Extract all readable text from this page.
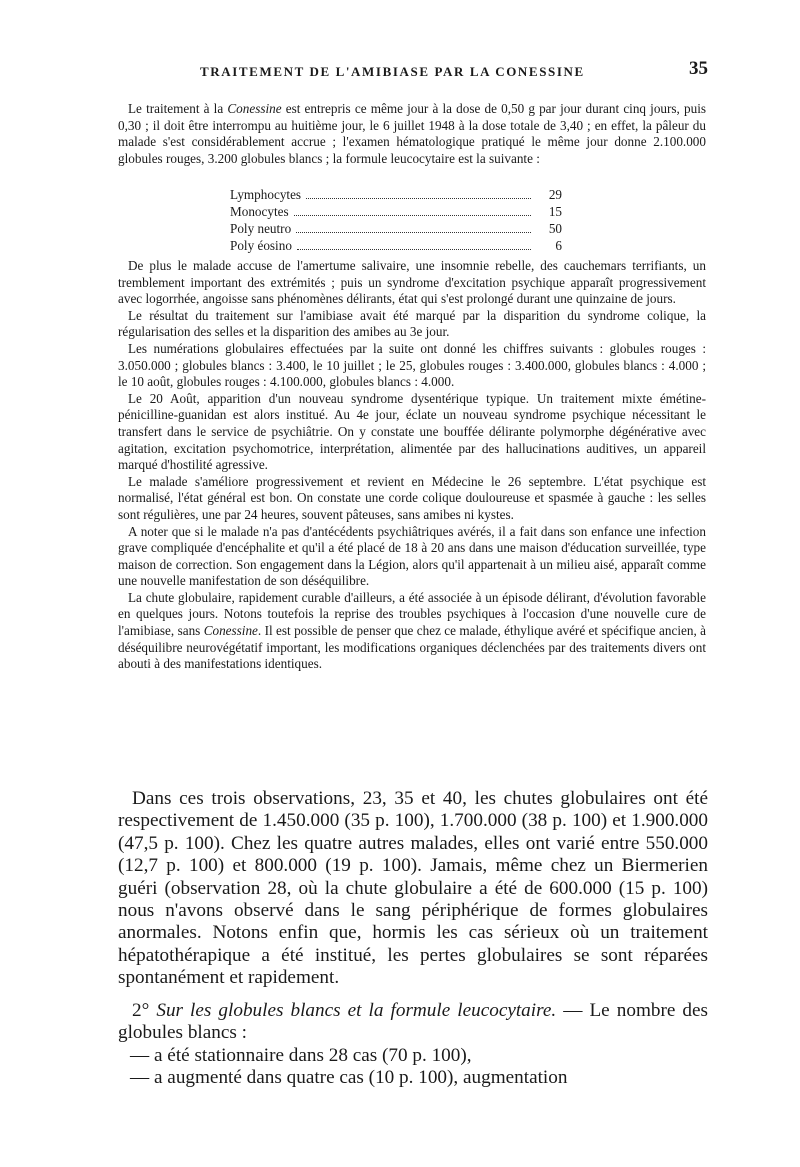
TRAITEMENT DE L'AMIBIASE PAR LA CONESSINE	35

Le traitement à la Conessine est entrepris ce même jour à la dose de 0,50 g par jour durant cinq jours, puis 0,30 ; il doit être interrompu au huitième jour, le 6 juillet 1948 à la dose totale de 3,40 ; en effet, la pâleur du malade s'est considérablement accrue ; l'examen hématologique pratiqué le même jour donne 2.100.000 globules rouges, 3.200 globules blancs ; la formule leucocytaire est la suivante :

Lymphocytes	29
Monocytes	15
Poly neutro	50
Poly éosino	6

De plus le malade accuse de l'amertume salivaire, une insomnie rebelle, des cauchemars terrifiants, un tremblement important des extrémités ; puis un syndrome d'excitation psychique apparaît progressivement avec logorrhée, angoisse sans phénomènes délirants, état qui s'est prolongé durant une quinzaine de jours.

Le résultat du traitement sur l'amibiase avait été marqué par la disparition du syndrome colique, la régularisation des selles et la disparition des amibes au 3e jour.

Les numérations globulaires effectuées par la suite ont donné les chiffres suivants : globules rouges : 3.050.000 ; globules blancs : 3.400, le 10 juillet ; le 25, globules rouges : 3.400.000, globules blancs : 4.000 ; le 10 août, globules rouges : 4.100.000, globules blancs : 4.000.

Le 20 Août, apparition d'un nouveau syndrome dysentérique typique. Un traitement mixte émétine-pénicilline-guanidan est alors institué. Au 4e jour, éclate un nouveau syndrome psychique nécessitant le transfert dans le service de psychiâtrie. On y constate une bouffée délirante polymorphe dégénérative avec agitation, excitation psychomotrice, interprétation, alimentée par des hallucinations auditives, un appareil marqué d'hostilité agressive.

Le malade s'améliore progressivement et revient en Médecine le 26 septembre. L'état psychique est normalisé, l'état général est bon. On constate une corde colique douloureuse et spasmée à gauche : les selles sont régulières, une par 24 heures, souvent pâteuses, sans amibes ni kystes.

A noter que si le malade n'a pas d'antécédents psychiâtriques avérés, il a fait dans son enfance une infection grave compliquée d'encéphalite et qu'il a été placé de 18 à 20 ans dans une maison d'éducation surveillée, type maison de correction. Son engagement dans la Légion, alors qu'il appartenait à un milieu aisé, apparaît comme une nouvelle manifestation de son déséquilibre.

La chute globulaire, rapidement curable d'ailleurs, a été associée à un épisode délirant, d'évolution favorable en quelques jours. Notons toutefois la reprise des troubles psychiques à l'occasion d'une nouvelle cure de l'amibiase, sans Conessine. Il est possible de penser que chez ce malade, éthylique avéré et spécifique ancien, à déséquilibre neurovégétatif important, les modifications organiques déclenchées par des traitements divers ont abouti à des manifestations identiques.

Dans ces trois observations, 23, 35 et 40, les chutes globulaires ont été respectivement de 1.450.000 (35 p. 100), 1.700.000 (38 p. 100) et 1.900.000 (47,5 p. 100). Chez les quatre autres malades, elles ont varié entre 550.000 (12,7 p. 100) et 800.000 (19 p. 100). Jamais, même chez un Biermerien guéri (observation 28, où la chute globulaire a été de 600.000 (15 p. 100) nous n'avons observé dans le sang périphérique de formes globulaires anormales. Notons enfin que, hormis les cas sérieux où un traitement hépatothérapique a été institué, les pertes globulaires se sont réparées spontanément et rapidement.

2° Sur les globules blancs et la formule leucocytaire. — Le nombre des globules blancs :

— a été stationnaire dans 28 cas (70 p. 100),

— a augmenté dans quatre cas (10 p. 100), augmentation
